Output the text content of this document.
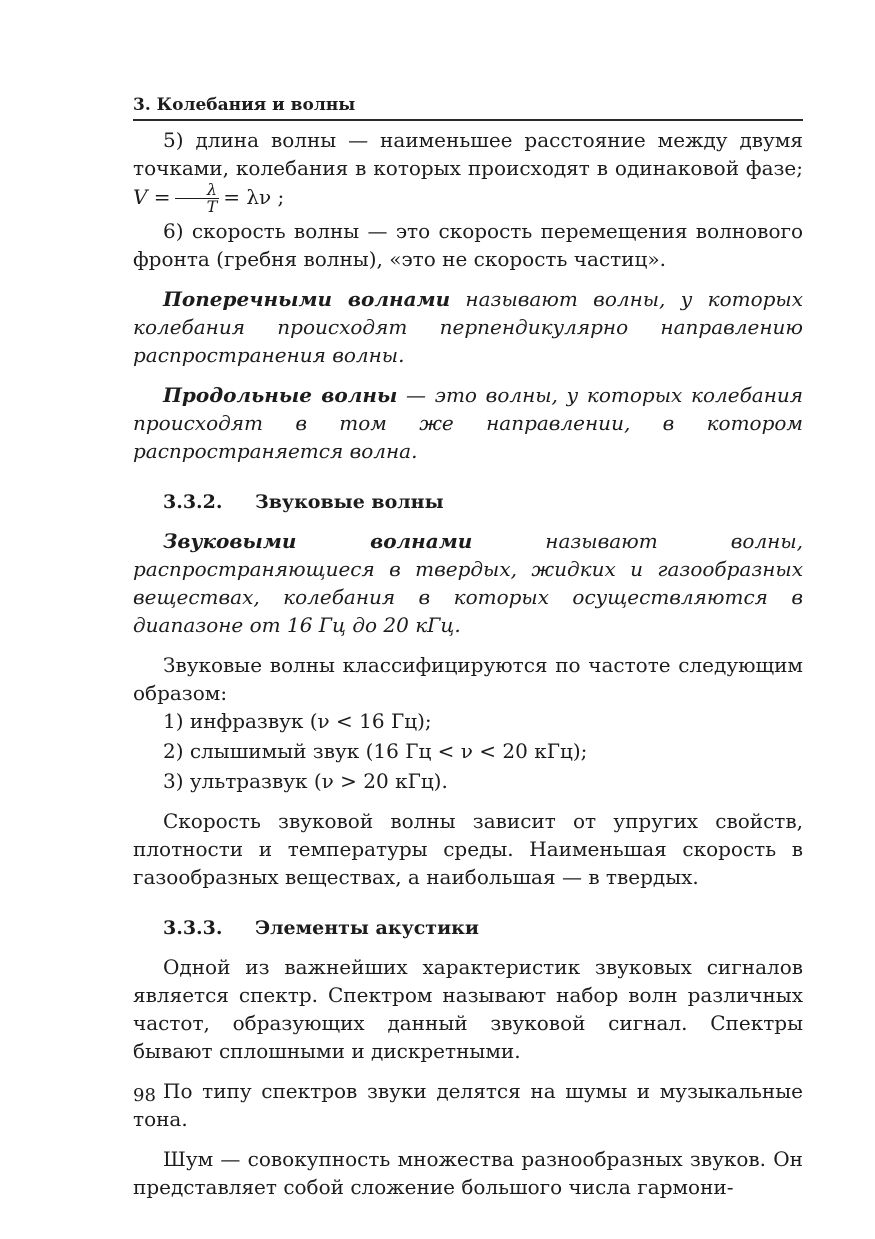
3. Колебания и волны

5) длина волны — наименьшее расстояние между двумя точками, колебания в которых происходят в одинаковой фазе; $V = \frac{\lambda}{T} = \lambda\nu$ ;

6) скорость волны — это скорость перемещения волнового фронта (гребня волны), «это не скорость частиц».

Поперечными волнами называют волны, у которых колебания происходят перпендикулярно направлению распространения волны.

Продольные волны — это волны, у которых колебания происходят в том же направлении, в котором распространяется волна.

3.3.2. Звуковые волны

Звуковыми волнами называют волны, распространяющиеся в твердых, жидких и газообразных веществах, колебания в которых осуществляются в диапазоне от 16 Гц до 20 кГц.

Звуковые волны классифицируются по частоте следующим образом:

1) инфразвук (ν < 16 Гц);

2) слышимый звук (16 Гц < ν < 20 кГц);

3) ультразвук (ν > 20 кГц).

Скорость звуковой волны зависит от упругих свойств, плотности и температуры среды. Наименьшая скорость в газообразных веществах, а наибольшая — в твердых.

3.3.3. Элементы акустики

Одной из важнейших характеристик звуковых сигналов является спектр. Спектром называют набор волн различных частот, образующих данный звуковой сигнал. Спектры бывают сплошными и дискретными.

По типу спектров звуки делятся на шумы и музыкальные тона.

Шум — совокупность множества разнообразных звуков. Он представляет собой сложение большого числа гармони-

98
